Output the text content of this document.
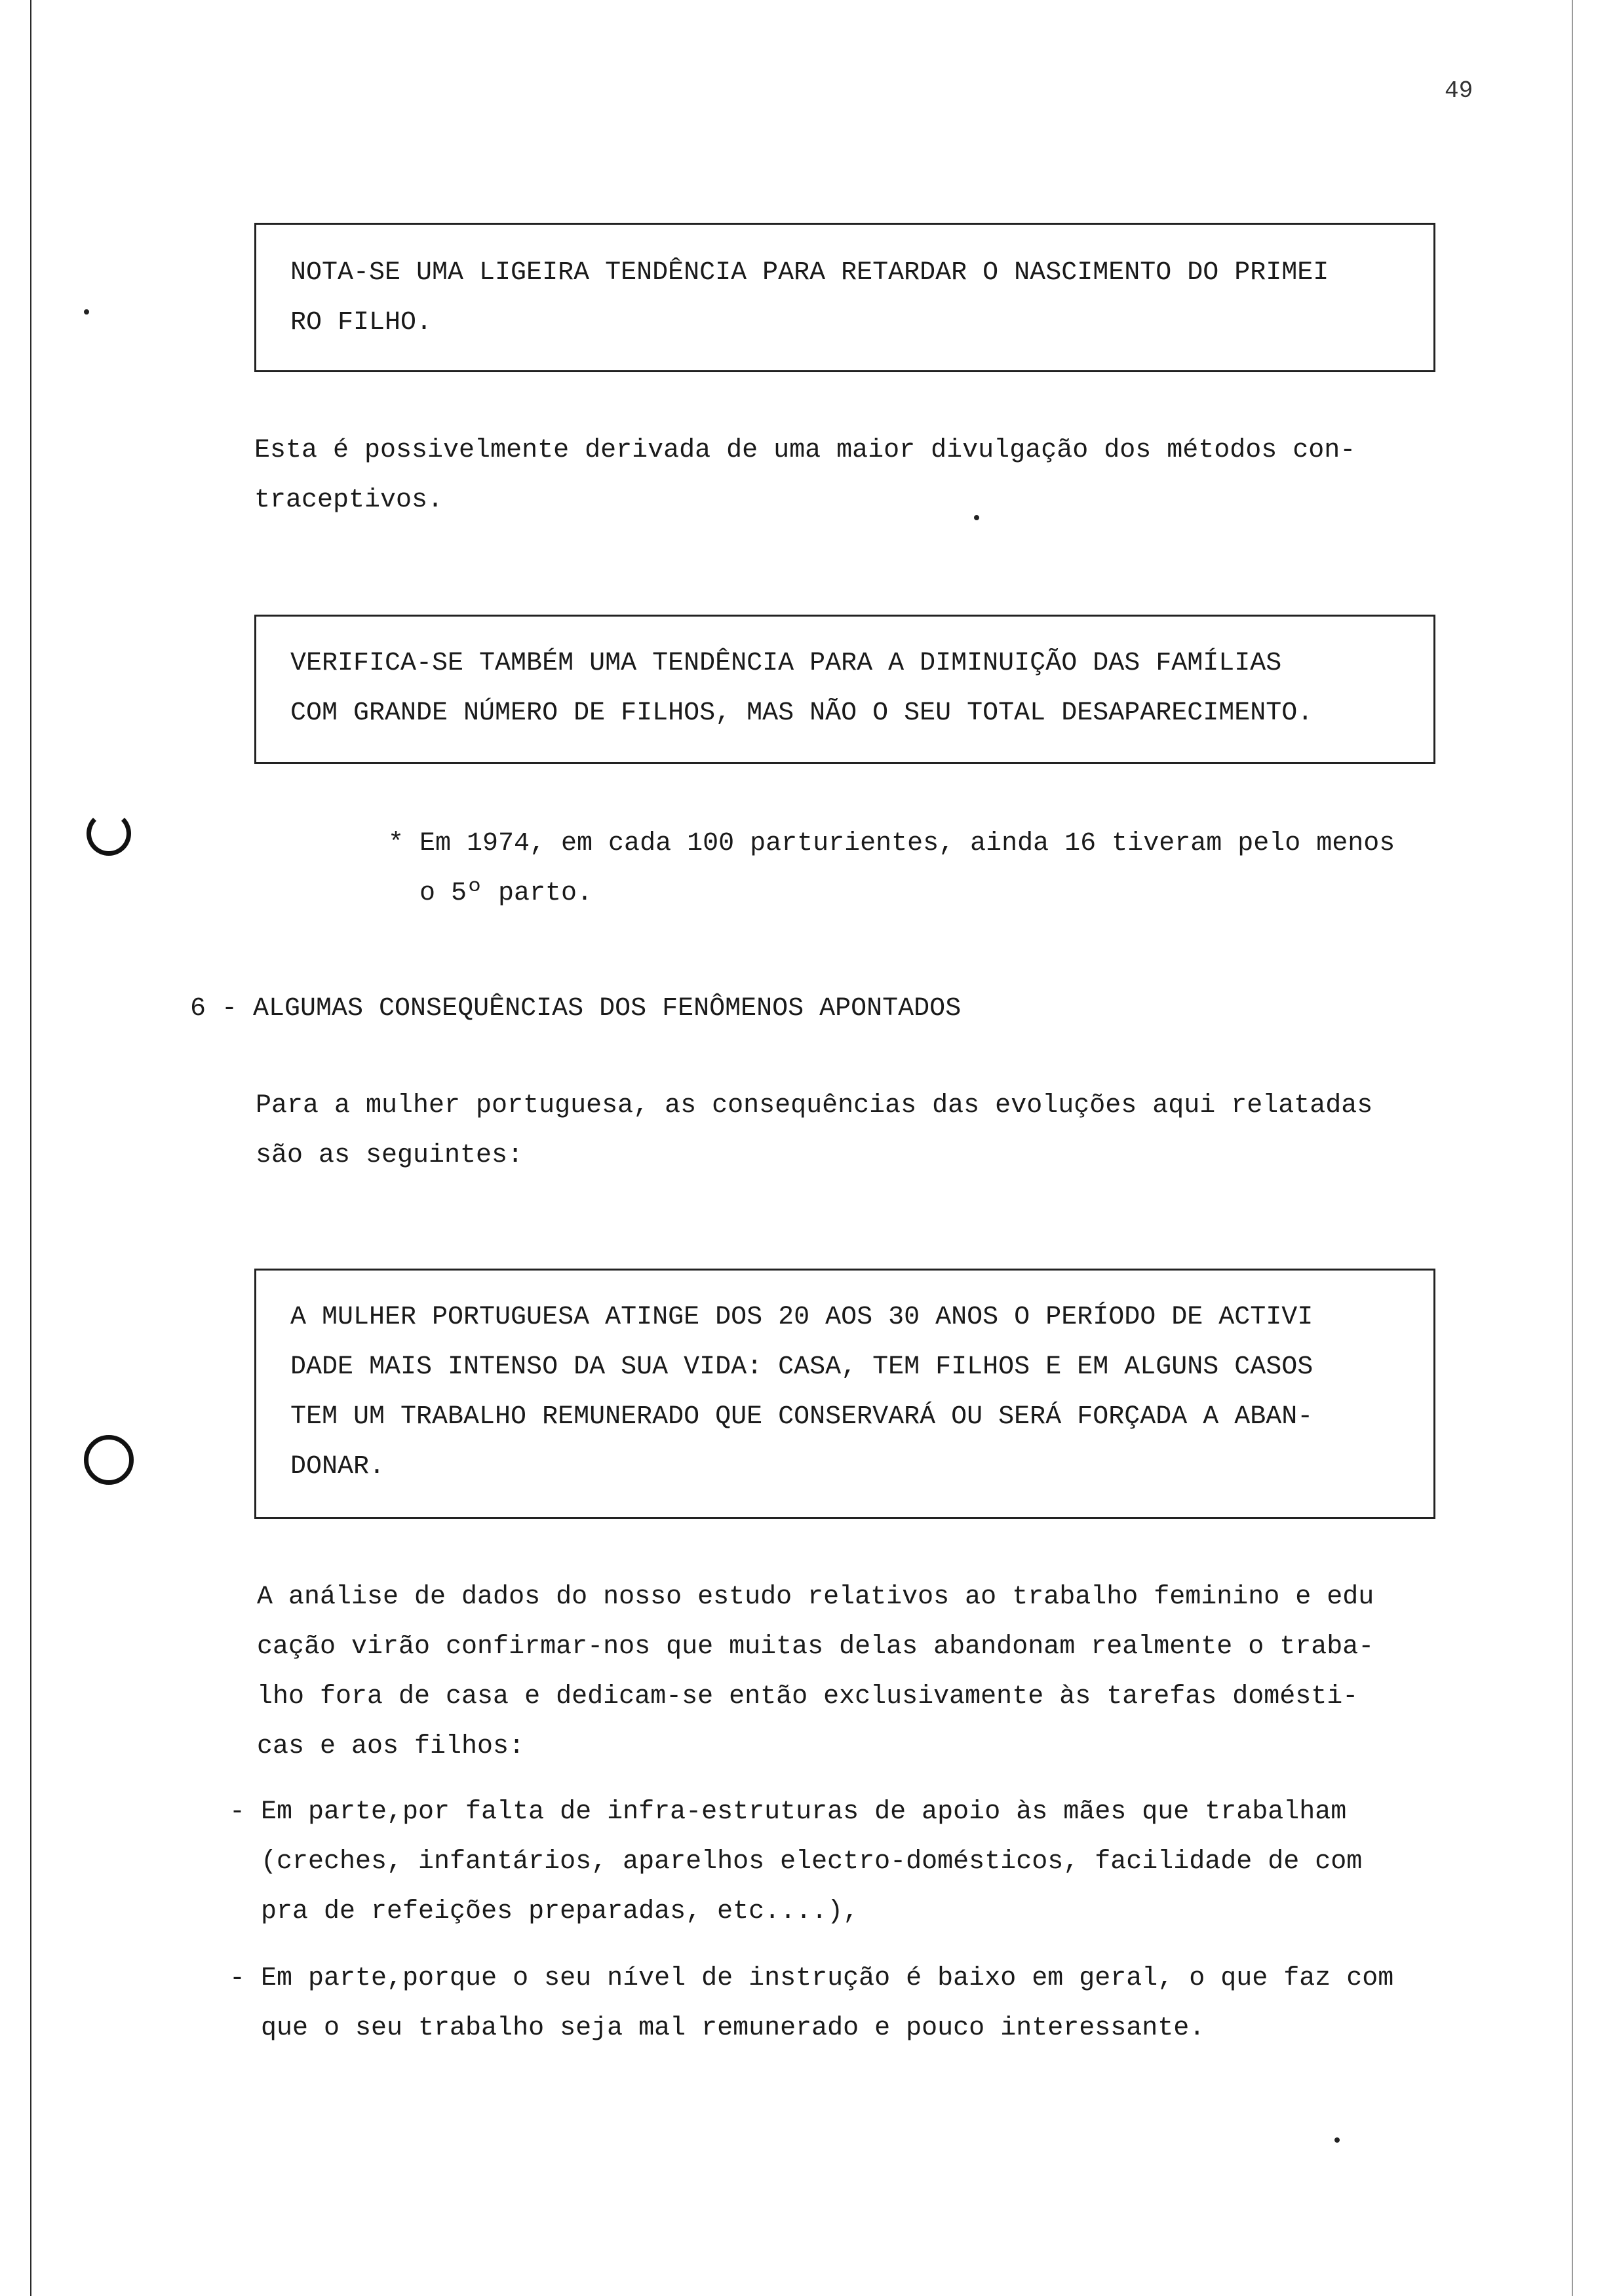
49
NOTA-SE UMA LIGEIRA TENDÊNCIA PARA RETARDAR O NASCIMENTO DO PRIMEI
RO FILHO.
Esta é possivelmente derivada de uma maior divulgação dos métodos con-
traceptivos.
VERIFICA-SE TAMBÉM UMA TENDÊNCIA PARA A DIMINUIÇÃO DAS FAMÍLIAS
COM GRANDE NÚMERO DE FILHOS, MAS NÃO O SEU TOTAL DESAPARECIMENTO.
* Em 1974, em cada 100 parturientes, ainda 16 tiveram pelo menos
o 5º parto.
6 - ALGUMAS CONSEQUÊNCIAS DOS FENÔMENOS APONTADOS
Para a mulher portuguesa, as consequências das evoluções aqui relatadas
são as seguintes:
A MULHER PORTUGUESA ATINGE DOS 20 AOS 30 ANOS O PERÍODO DE ACTIVI
DADE MAIS INTENSO DA SUA VIDA: CASA, TEM FILHOS E EM ALGUNS CASOS
TEM UM TRABALHO REMUNERADO QUE CONSERVARÁ OU SERÁ FORÇADA A ABAN-
DONAR.
A análise de dados do nosso estudo relativos ao trabalho feminino e edu
cação virão confirmar-nos que muitas delas abandonam realmente o traba-
lho fora de casa e dedicam-se então exclusivamente às tarefas domésti-
cas e aos filhos:
- Em parte,por falta de infra-estruturas de apoio às mães que trabalham
(creches, infantários, aparelhos electro-domésticos, facilidade de com
pra de refeições preparadas, etc....),
- Em parte,porque o seu nível de instrução é baixo em geral, o que faz com
que o seu trabalho seja mal remunerado e pouco interessante.
